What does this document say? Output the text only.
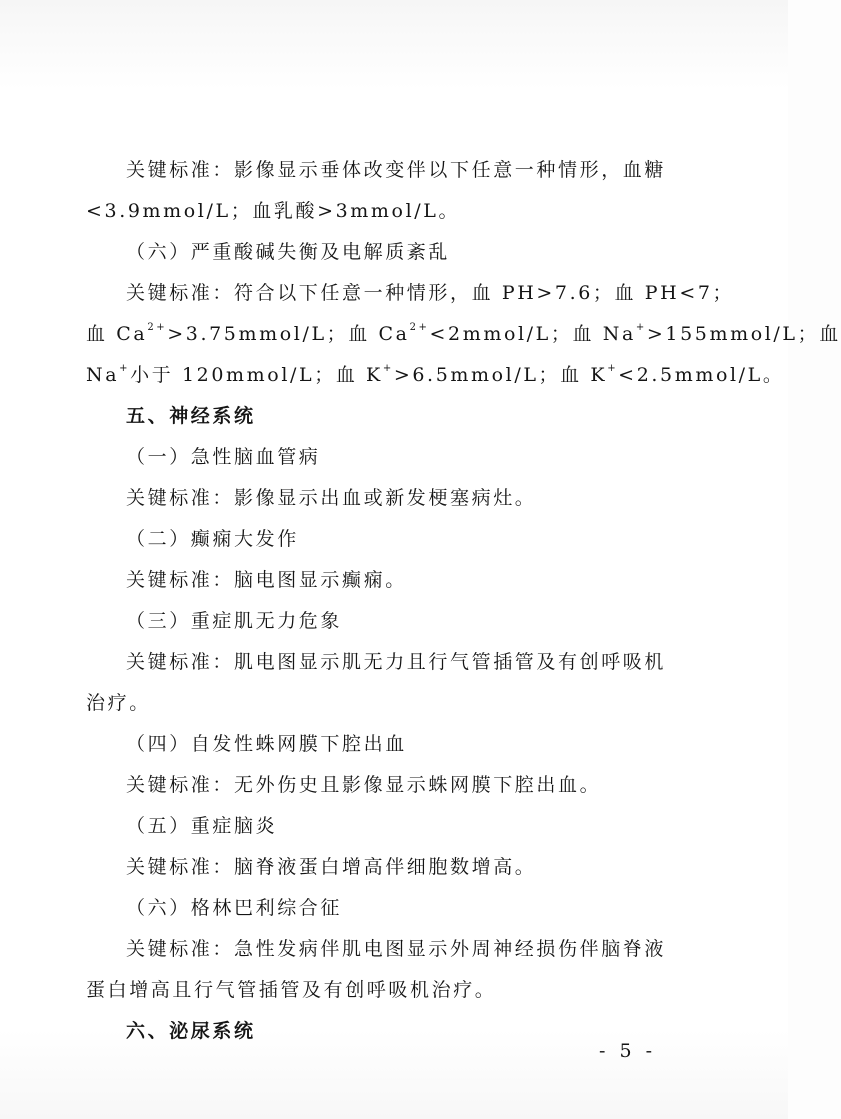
关键标准：影像显示垂体改变伴以下任意一种情形，血糖
<3.9mmol/L；血乳酸>3mmol/L。
（六）严重酸碱失衡及电解质紊乱
关键标准：符合以下任意一种情形，血 PH>7.6；血 PH<7；
血 $Ca^{2+}>3.75mmol/L$；血 $Ca^{2+}<2mmol/L$；血 Na+>155mmol/L；血
Na+小于 120mmol/L；血 K+>6.5mmol/L；血 K+<2.5mmol/L。
五、神经系统
（一）急性脑血管病
关键标准：影像显示出血或新发梗塞病灶。
（二）癫痫大发作
关键标准：脑电图显示癫痫。
（三）重症肌无力危象
关键标准：肌电图显示肌无力且行气管插管及有创呼吸机
治疗。
（四）自发性蛛网膜下腔出血
关键标准：无外伤史且影像显示蛛网膜下腔出血。
（五）重症脑炎
关键标准：脑脊液蛋白增高伴细胞数增高。
（六）格林巴利综合征
关键标准：急性发病伴肌电图显示外周神经损伤伴脑脊液
蛋白增高且行气管插管及有创呼吸机治疗。
六、泌尿系统
- 5 -
